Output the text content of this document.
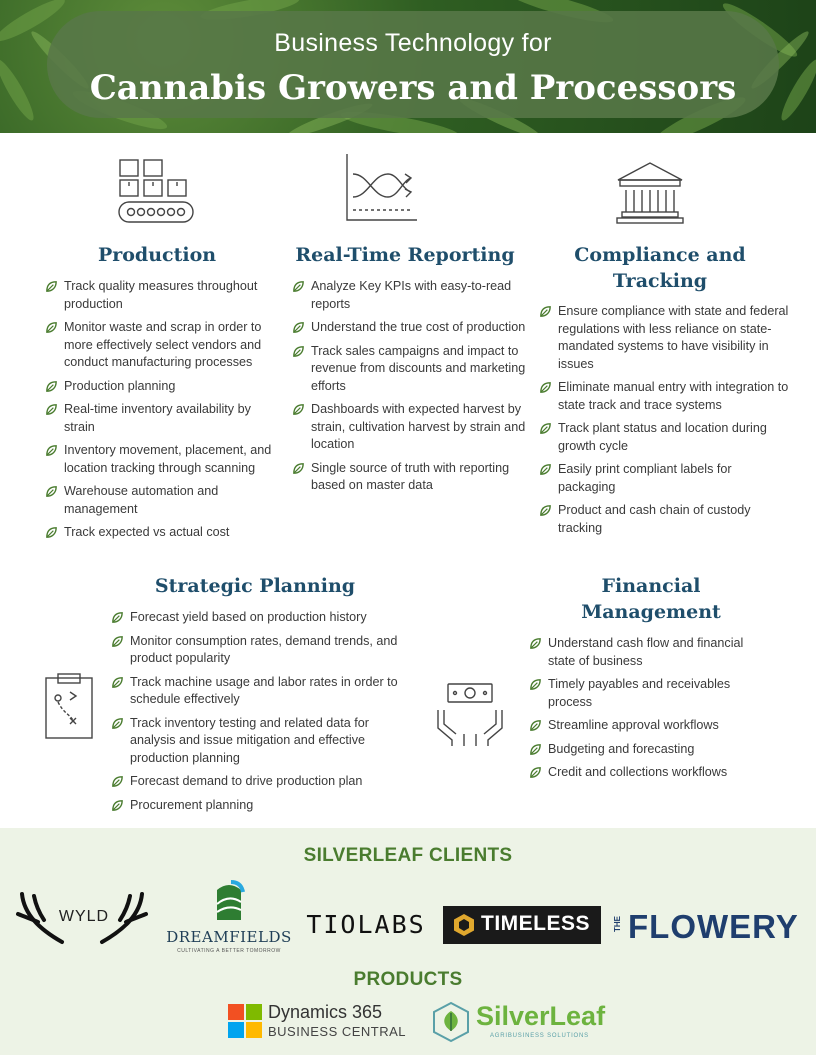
Business Technology for
Cannabis Growers and Processors
Production
Track quality measures throughout production
Monitor waste and scrap in order to more effectively select vendors and conduct manufacturing processes
Production planning
Real-time inventory availability by strain
Inventory movement, placement, and location tracking through scanning
Warehouse automation and management
Track expected vs actual cost
Real-Time Reporting
Analyze Key KPIs with easy-to-read reports
Understand the true cost of production
Track sales campaigns and impact to revenue from discounts and marketing efforts
Dashboards with expected harvest by strain, cultivation harvest by strain and location
Single source of truth with reporting based on master data
Compliance and
Tracking
Ensure compliance with state and federal regulations with less reliance on state-mandated systems to have visibility in issues
Eliminate manual entry with integration to state track and trace systems
Track plant status and location during growth cycle
Easily print compliant labels for packaging
Product and cash chain of custody tracking
Strategic Planning
Forecast yield based on production history
Monitor consumption rates, demand trends, and product popularity
Track machine usage and labor rates in order to schedule effectively
Track inventory testing and related data for analysis and issue mitigation and effective production planning
Forecast demand to drive production plan
Procurement planning
Financial
Management
Understand cash flow and financial state of business
Timely payables and receivables process
Streamline approval workflows
Budgeting and forecasting
Credit and collections workflows
SILVERLEAF CLIENTS
WYLD
DREAMFIELDS
CULTIVATING A BETTER TOMORROW
TIOLABS	TIMELESS	THE FLOWERY
PRODUCTS
Dynamics 365
BUSINESS CENTRAL
SilverLeaf
AGRIBUSINESS SOLUTIONS
